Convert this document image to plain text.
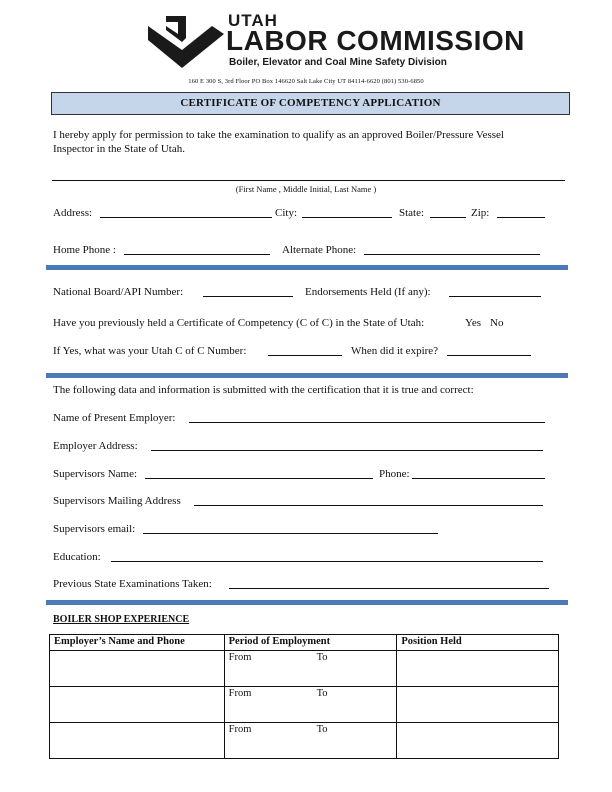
UTAH
LABOR COMMISSION
Boiler, Elevator and Coal Mine Safety Division
160 E 300 S, 3rd Floor PO Box 146620 Salt Lake City UT 84114-6620 (801) 530-6850
CERTIFICATE OF COMPETENCY APPLICATION
I hereby apply for permission to take the examination to qualify as an approved Boiler/Pressure Vessel
Inspector in the State of Utah.
(First Name , Middle Initial, Last Name )
Address:	City:	State:	Zip:
Home Phone :	Alternate Phone:
National Board/API Number:	Endorsements Held (If any):
Have you previously held a Certificate of Competency (C of C) in the State of Utah:	Yes No
If Yes, what was your Utah C of C Number:	When did it expire?
The following data and information is submitted with the certification that it is true and correct:
Name of Present Employer:
Employer Address:
Supervisors Name:	Phone:
Supervisors Mailing Address
Supervisors email:
Education:
Previous State Examinations Taken:
BOILER SHOP EXPERIENCE
Employer’s Name and Phone	Period of Employment	Position Held
	From To	
	From To	
	From To	
